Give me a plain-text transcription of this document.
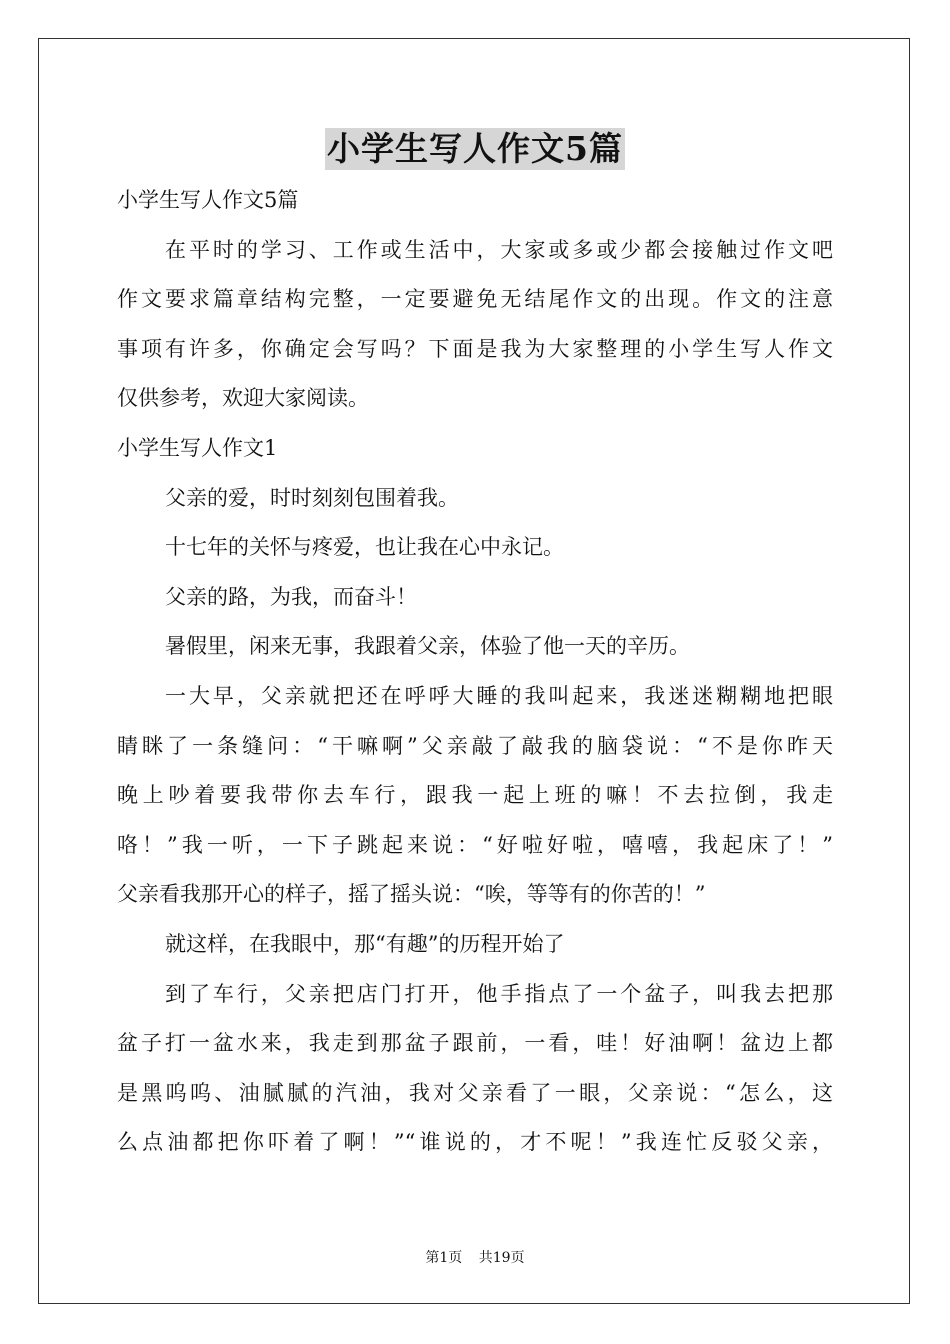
小学生写人作文5篇
小学生写人作文5篇
在平时的学习、工作或生活中，大家或多或少都会接触过作文吧
作文要求篇章结构完整，一定要避免无结尾作文的出现。作文的注意
事项有许多，你确定会写吗？下面是我为大家整理的小学生写人作文
仅供参考，欢迎大家阅读。
小学生写人作文1
父亲的爱，时时刻刻包围着我。
十七年的关怀与疼爱，也让我在心中永记。
父亲的路，为我，而奋斗！
暑假里，闲来无事，我跟着父亲，体验了他一天的辛历。
一大早，父亲就把还在呼呼大睡的我叫起来，我迷迷糊糊地把眼
睛眯了一条缝问：“干嘛啊”父亲敲了敲我的脑袋说：“不是你昨天
晚上吵着要我带你去车行，跟我一起上班的嘛！不去拉倒，我走
咯！”我一听，一下子跳起来说：“好啦好啦，嘻嘻，我起床了！”
父亲看我那开心的样子，摇了摇头说：“唉，等等有的你苦的！”
就这样，在我眼中，那“有趣”的历程开始了
到了车行，父亲把店门打开，他手指点了一个盆子，叫我去把那
盆子打一盆水来，我走到那盆子跟前，一看，哇！好油啊！盆边上都
是黑呜呜、油腻腻的汽油，我对父亲看了一眼，父亲说：“怎么，这
么点油都把你吓着了啊！”“谁说的，才不呢！”我连忙反驳父亲，
第1页 共19页
